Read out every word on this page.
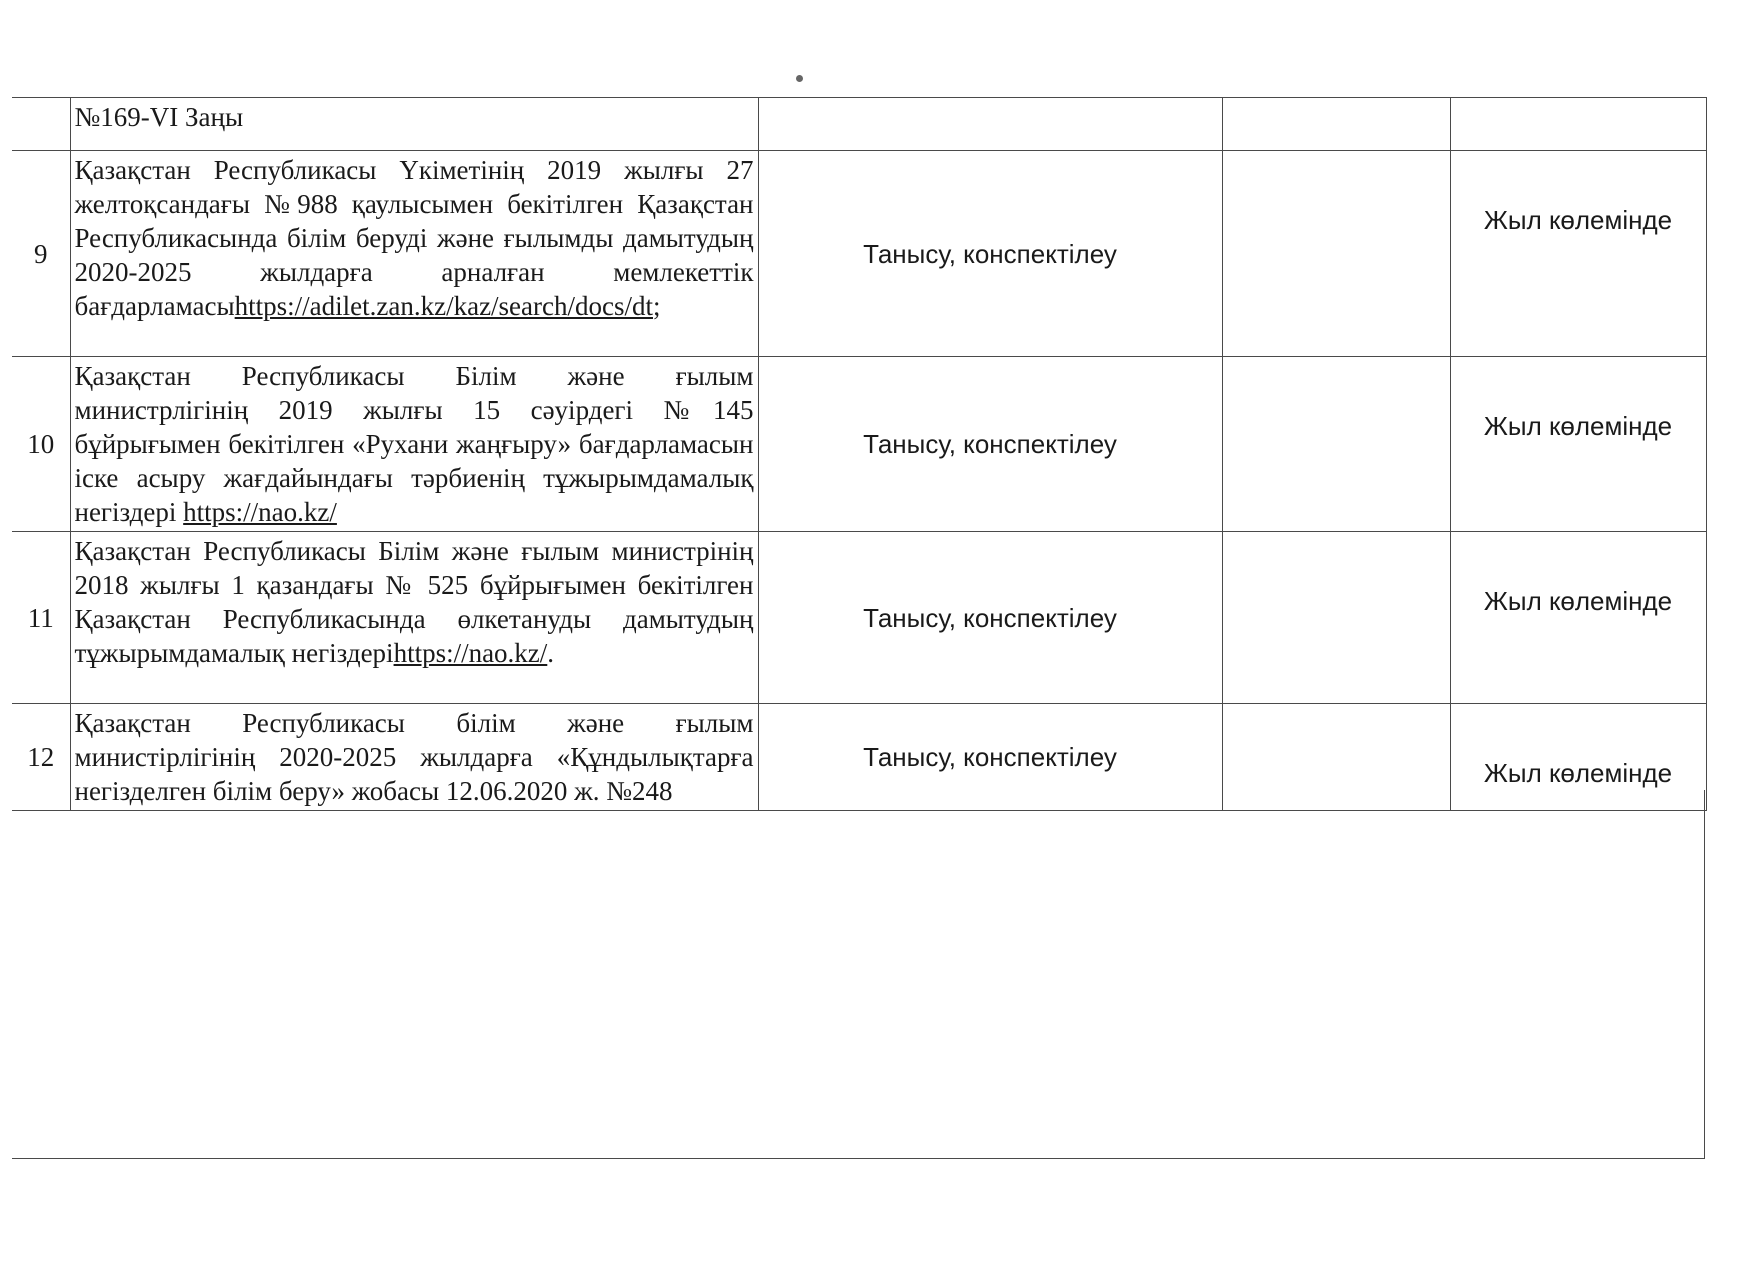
	№169-VI Заңы			

9	Қазақстан Республикасы Үкіметінің 2019 жылғы 27 желтоқсандағы №988 қаулысымен бекітілген Қазақстан Республикасында білім беруді және ғылымды дамытудың 2020-2025 жылдарға арналған мемлекеттік бағдарламасыhttps://adilet.zan.kz/kaz/search/docs/dt;	Танысу, конспектілеу		Жыл көлемінде
10	Қазақстан Республикасы Білім және ғылым министрлігінің 2019 жылғы 15 сәуірдегі №145 бұйрығымен бекітілген «Рухани жаңғыру» бағдарламасын іске асыру жағдайындағы тәрбиенің тұжырымдамалық негіздері https://nao.kz/	Танысу, конспектілеу		Жыл көлемінде
11	Қазақстан Республикасы Білім және ғылым министрінің 2018 жылғы 1 қазандағы № 525 бұйрығымен бекітілген Қазақстан Республикасында өлкетануды дамытудың тұжырымдамалық негіздеріhttps://nao.kz/.	Танысу, конспектілеу		Жыл көлемінде
12	Қазақстан Республикасы білім және ғылым министірлігінің 2020-2025 жылдарға «Құндылықтарға негізделген білім беру» жобасы 12.06.2020 ж. №248	Танысу, конспектілеу		Жыл көлемінде
